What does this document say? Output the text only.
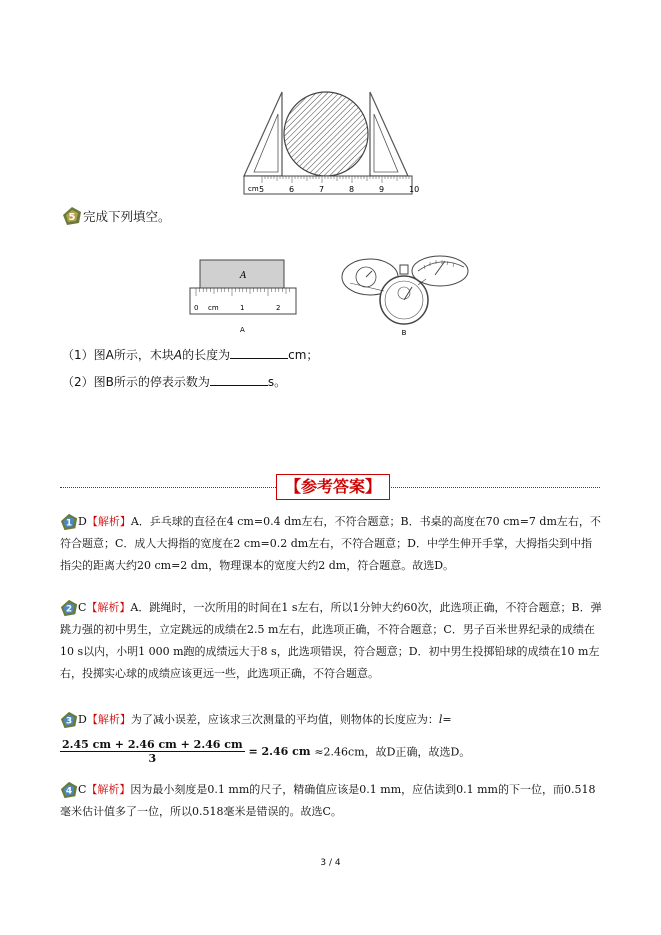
cm 5	6	7	8	9	10
5 完成下列填空。
A
0 cm	1	2
A	B
（1）图A所示，木块A的长度为	cm；
（2）图B所示的停表示数为	s。
【参考答案】

1 D【解析】A．乒乓球的直径在4 cm=0.4 dm左右，不符合题意；B．书桌的高度在70 cm=7 dm左右，不符合题意；C．成人大拇指的宽度在2 cm=0.2 dm左右，不符合题意；D．中学生伸开手掌，大拇指尖到中指指尖的距离大约20 cm=2 dm，物理课本的宽度大约2 dm，符合题意。故选D。

2 C【解析】A．跳绳时，一次所用的时间在1 s左右，所以1分钟大约60次，此选项正确，不符合题意；B．弹跳力强的初中男生，立定跳远的成绩在2.5 m左右，此选项正确，不符合题意；C．男子百米世界纪录的成绩在10 s以内，小明1 000 m跑的成绩远大于8 s，此选项错误，符合题意；D．初中男生投掷铅球的成绩在10 m左右，投掷实心球的成绩应该更远一些，此选项正确，不符合题意。

3 D【解析】为了减小误差，应该求三次测量的平均值，则物体的长度应为：l=

$\frac{2.45 cm + 2.46 cm + 2.46 cm}{3} = 2.46$ cm ≈2.46cm，故D正确，故选D。

4 C【解析】因为最小刻度是0.1 mm的尺子，精确值应该是0.1 mm，应估读到0.1 mm的下一位，而0.518毫米估计值多了一位，所以0.518毫米是错误的。故选C。

3 / 4
